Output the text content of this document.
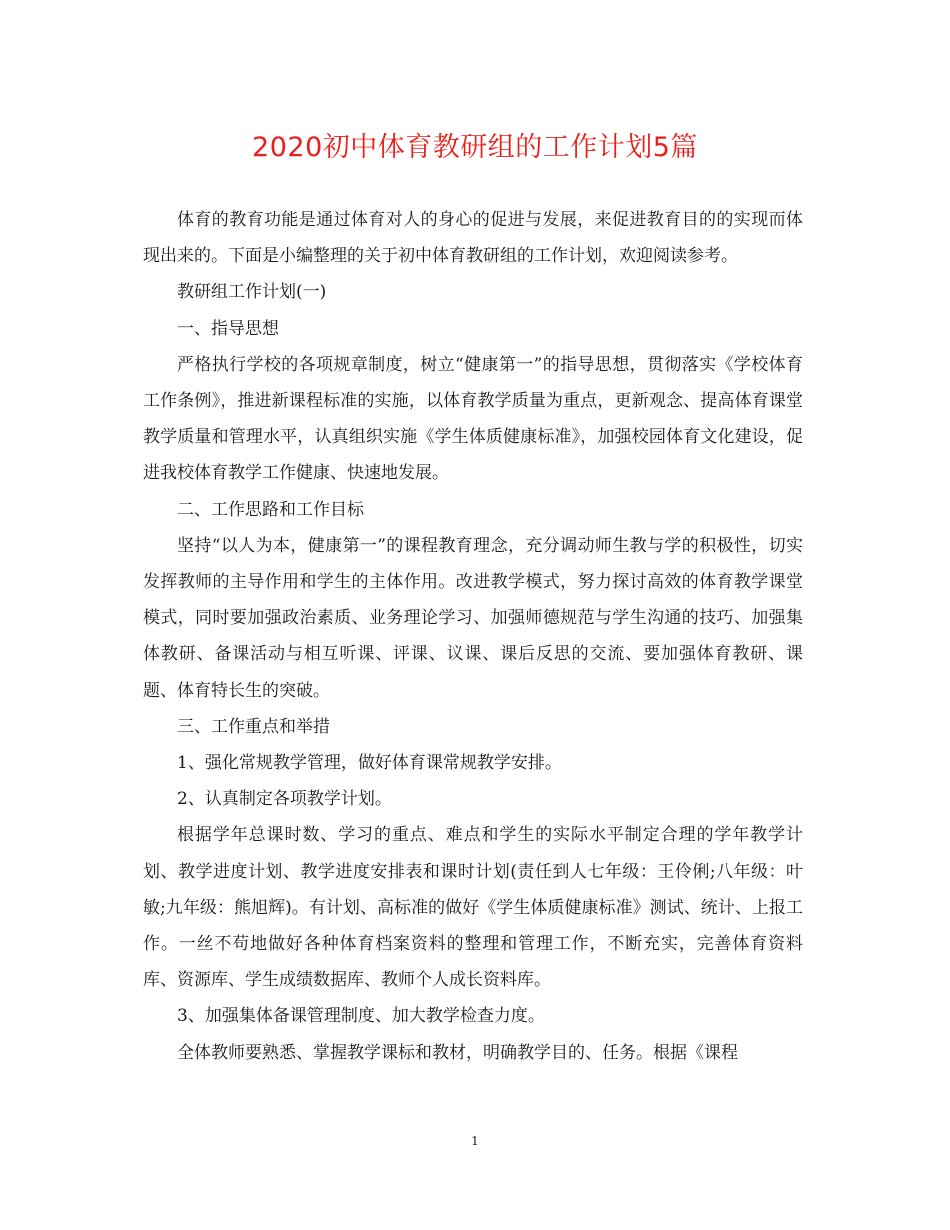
2020初中体育教研组的工作计划5篇

体育的教育功能是通过体育对人的身心的促进与发展，来促进教育目的的实现而体现出来的。下面是小编整理的关于初中体育教研组的工作计划，欢迎阅读参考。

教研组工作计划(一)

一、指导思想

严格执行学校的各项规章制度，树立“健康第一”的指导思想，贯彻落实《学校体育工作条例》，推进新课程标准的实施，以体育教学质量为重点，更新观念、提高体育课堂教学质量和管理水平，认真组织实施《学生体质健康标准》，加强校园体育文化建设，促进我校体育教学工作健康、快速地发展。

二、工作思路和工作目标

坚持“以人为本，健康第一”的课程教育理念，充分调动师生教与学的积极性，切实发挥教师的主导作用和学生的主体作用。改进教学模式，努力探讨高效的体育教学课堂模式，同时要加强政治素质、业务理论学习、加强师德规范与学生沟通的技巧、加强集体教研、备课活动与相互听课、评课、议课、课后反思的交流、要加强体育教研、课题、体育特长生的突破。

三、工作重点和举措

1、强化常规教学管理，做好体育课常规教学安排。

2、认真制定各项教学计划。

根据学年总课时数、学习的重点、难点和学生的实际水平制定合理的学年教学计划、教学进度计划、教学进度安排表和课时计划(责任到人七年级：王伶俐;八年级：叶敏;九年级：熊旭辉)。有计划、高标准的做好《学生体质健康标准》测试、统计、上报工作。一丝不苟地做好各种体育档案资料的整理和管理工作，不断充实，完善体育资料库、资源库、学生成绩数据库、教师个人成长资料库。

3、加强集体备课管理制度、加大教学检查力度。

全体教师要熟悉、掌握教学课标和教材，明确教学目的、任务。根据《课程

1
